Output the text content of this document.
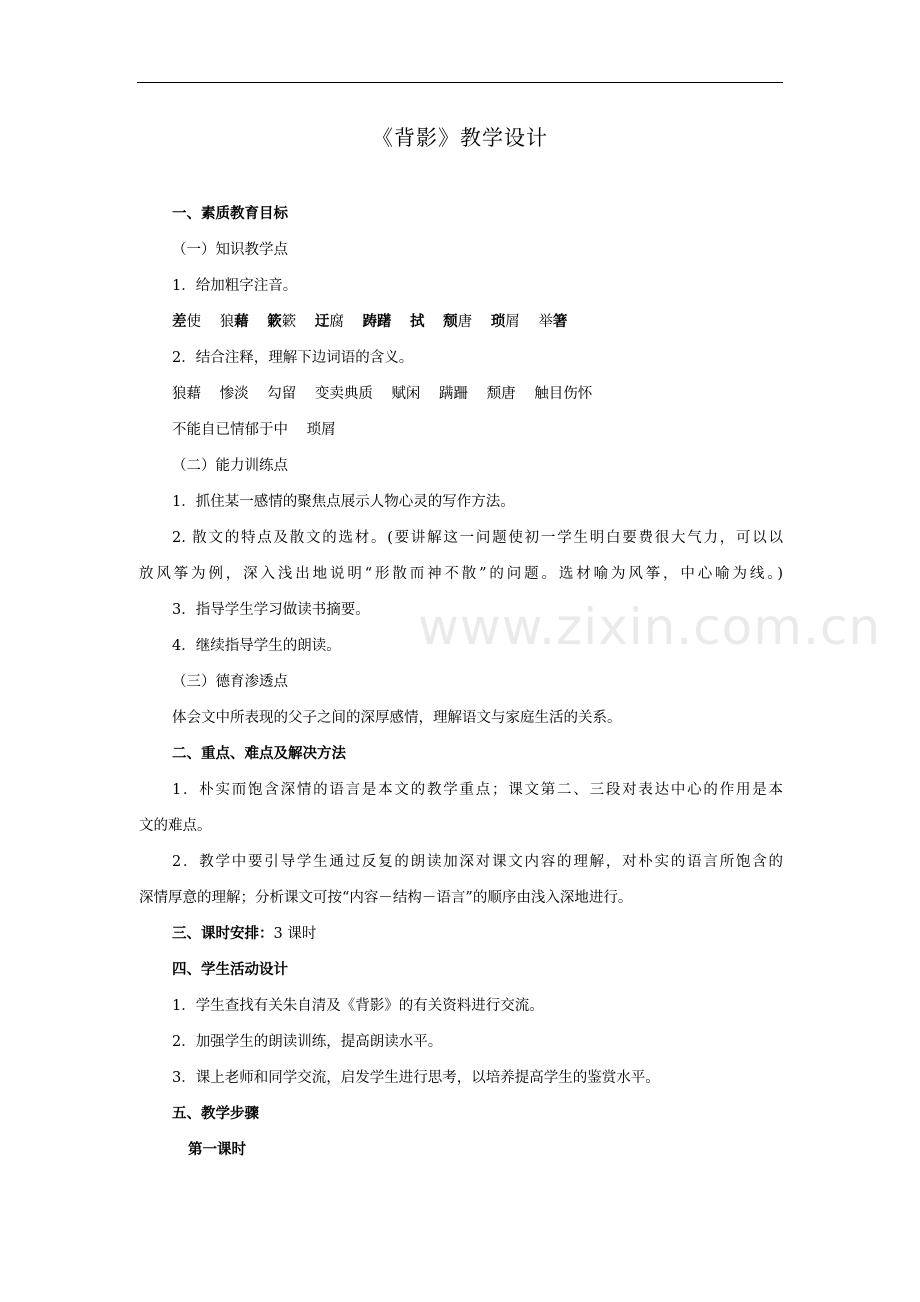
《背影》教学设计
www.zixin.com.cn
一、素质教育目标
（一）知识教学点
1．给加粗字注音。
差使 狼藉 簌簌 迂腐 踌躇 拭 颓唐 琐屑 举箸
2．结合注释，理解下边词语的含义。
狼藉 惨淡 勾留 变卖典质 赋闲 蹒跚 颓唐 触目伤怀
不能自已情郁于中 琐屑
（二）能力训练点
1．抓住某一感情的聚焦点展示人物心灵的写作方法。
2. 散文的特点及散文的选材。(要讲解这一问题使初一学生明白要费很大气力，可以以
放风筝为例，深入浅出地说明“形散而神不散”的问题。选材喻为风筝，中心喻为线。)
3．指导学生学习做读书摘要。
4．继续指导学生的朗读。
（三）德育渗透点
体会文中所表现的父子之间的深厚感情，理解语文与家庭生活的关系。
二、重点、难点及解决方法
1．朴实而饱含深情的语言是本文的教学重点；课文第二、三段对表达中心的作用是本
文的难点。
2．教学中要引导学生通过反复的朗读加深对课文内容的理解，对朴实的语言所饱含的
深情厚意的理解；分析课文可按“内容－结构－语言”的顺序由浅入深地进行。
三、课时安排：3 课时
四、学生活动设计
1．学生查找有关朱自清及《背影》的有关资料进行交流。
2．加强学生的朗读训练，提高朗读水平。
3．课上老师和同学交流，启发学生进行思考，以培养提高学生的鉴赏水平。
五、教学步骤
第一课时
